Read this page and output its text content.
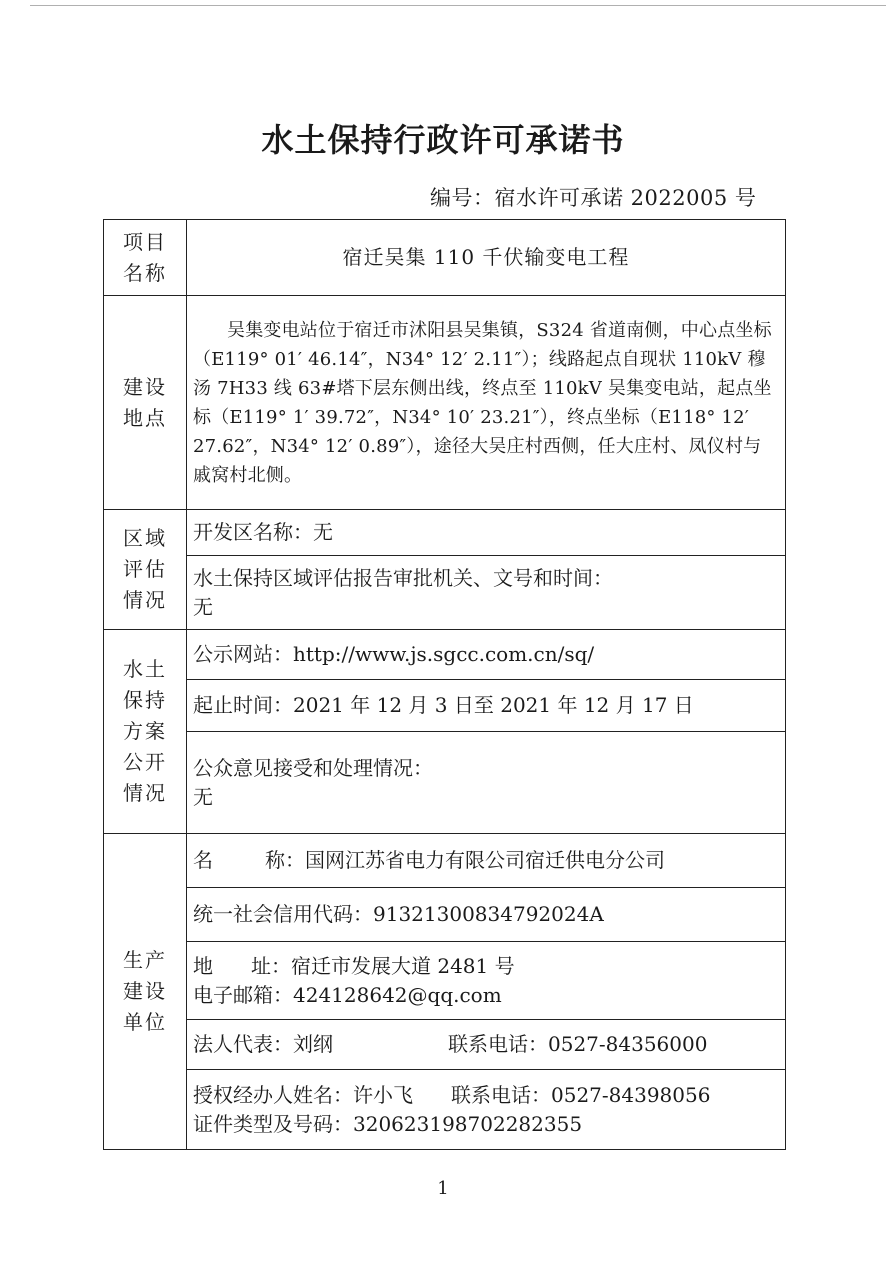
水土保持行政许可承诺书
编号：宿水许可承诺 2022005 号
项目
名称	宿迁吴集 110 千伏输变电工程
建设
地点	吴集变电站位于宿迁市沭阳县吴集镇，S324 省道南侧，中心点坐标（E119° 01′ 46.14″，N34° 12′ 2.11″）；线路起点自现状 110kV 穆汤 7H33 线 63#塔下层东侧出线，终点至 110kV 吴集变电站，起点坐标（E119° 1′ 39.72″，N34° 10′ 23.21″），终点坐标（E118° 12′ 27.62″，N34° 12′ 0.89″），途径大吴庄村西侧，任大庄村、凤仪村与戚窝村北侧。

区域
评估
情况	开发区名称：无

	水土保持区域评估报告审批机关、文号和时间：
无

水土
保持
方案
公开
情况	公示网站：http://www.js.sgcc.com.cn/sq/
	起止时间：2021 年 12 月 3 日至 2021 年 12 月 17 日

	公众意见接受和处理情况：
无

生产
建设
单位	名 称：国网江苏省电力有限公司宿迁供电分公司
	统一社会信用代码：91321300834792024A

	地 址：宿迁市发展大道 2481 号
电子邮箱：424128642@qq.com

	法人代表：刘纲 联系电话：0527-84356000

	授权经办人姓名：许小飞 联系电话：0527-84398056
证件类型及号码：320623198702282355
1
